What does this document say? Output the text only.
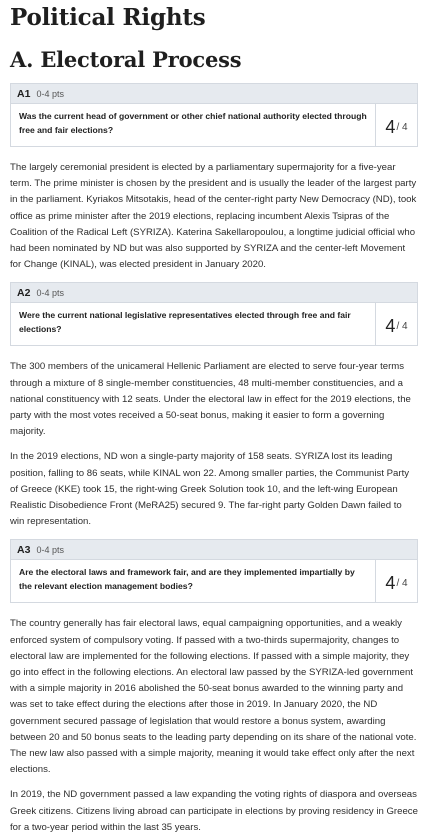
Political Rights
A. Electoral Process
A1 0-4 pts
Was the current head of government or other chief national authority elected through free and fair elections?	4 / 4

The largely ceremonial president is elected by a parliamentary supermajority for a five-year term. The prime minister is chosen by the president and is usually the leader of the largest party in the parliament. Kyriakos Mitsotakis, head of the center-right party New Democracy (ND), took office as prime minister after the 2019 elections, replacing incumbent Alexis Tsipras of the Coalition of the Radical Left (SYRIZA). Katerina Sakellaropoulou, a longtime judicial official who had been nominated by ND but was also supported by SYRIZA and the center-left Movement for Change (KINAL), was elected president in January 2020.

A2 0-4 pts
Were the current national legislative representatives elected through free and fair elections?	4 / 4

The 300 members of the unicameral Hellenic Parliament are elected to serve four-year terms through a mixture of 8 single-member constituencies, 48 multi-member constituencies, and a national constituency with 12 seats. Under the electoral law in effect for the 2019 elections, the party with the most votes received a 50-seat bonus, making it easier to form a governing majority.

In the 2019 elections, ND won a single-party majority of 158 seats. SYRIZA lost its leading position, falling to 86 seats, while KINAL won 22. Among smaller parties, the Communist Party of Greece (KKE) took 15, the right-wing Greek Solution took 10, and the left-wing European Realistic Disobedience Front (MeRA25) secured 9. The far-right party Golden Dawn failed to win representation.

A3 0-4 pts
Are the electoral laws and framework fair, and are they implemented impartially by the relevant election management bodies?	4 / 4

The country generally has fair electoral laws, equal campaigning opportunities, and a weakly enforced system of compulsory voting. If passed with a two-thirds supermajority, changes to electoral law are implemented for the following elections. If passed with a simple majority, they go into effect in the following elections. An electoral law passed by the SYRIZA-led government with a simple majority in 2016 abolished the 50-seat bonus awarded to the winning party and was set to take effect during the elections after those in 2019. In January 2020, the ND government secured passage of legislation that would restore a bonus system, awarding between 20 and 50 bonus seats to the leading party depending on its share of the national vote. The new law also passed with a simple majority, meaning it would take effect only after the next elections.

In 2019, the ND government passed a law expanding the voting rights of diaspora and overseas Greek citizens. Citizens living abroad can participate in elections by proving residency in Greece for a two-year period within the last 35 years.
